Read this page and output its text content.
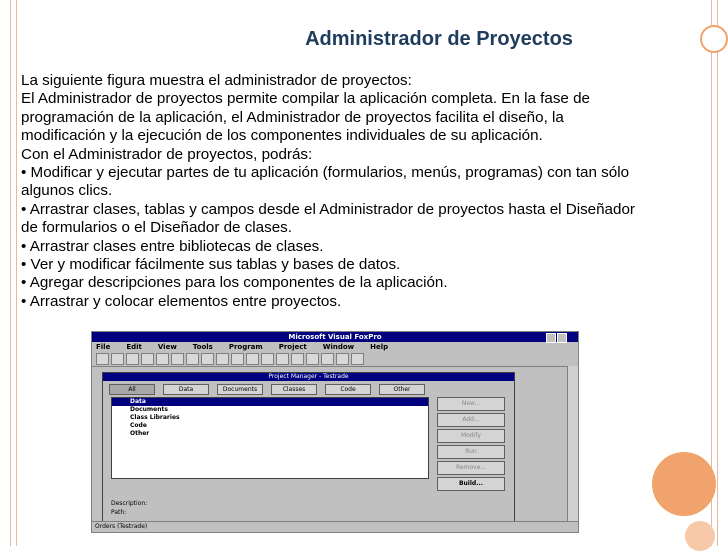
Administrador de Proyectos
La siguiente figura muestra el administrador de proyectos:
El Administrador de proyectos permite compilar la aplicación completa. En la fase de
programación de la aplicación, el Administrador de proyectos facilita el diseño, la
modificación y la ejecución de los componentes individuales de su aplicación.
Con el Administrador de proyectos, podrás:
• Modificar y ejecutar partes de tu aplicación (formularios, menús, programas) con tan sólo
algunos clics.
• Arrastrar clases, tablas y campos desde el Administrador de proyectos hasta el Diseñador
de formularios o el Diseñador de clases.
• Arrastrar clases entre bibliotecas de clases.
• Ver y modificar fácilmente sus tablas y bases de datos.
• Agregar descripciones para los componentes de la aplicación.
• Arrastrar y colocar elementos entre proyectos.
Microsoft Visual FoxPro
File Edit View Tools Program Project Window Help
Project Manager - Testrade
All	Data	Documents	Classes	Code	Other
Data
Documents
Class Libraries
Code
Other
New...
Add...
Modify
Run
Remove...
Build...
Description:
Path:
Orders (Testrade)
